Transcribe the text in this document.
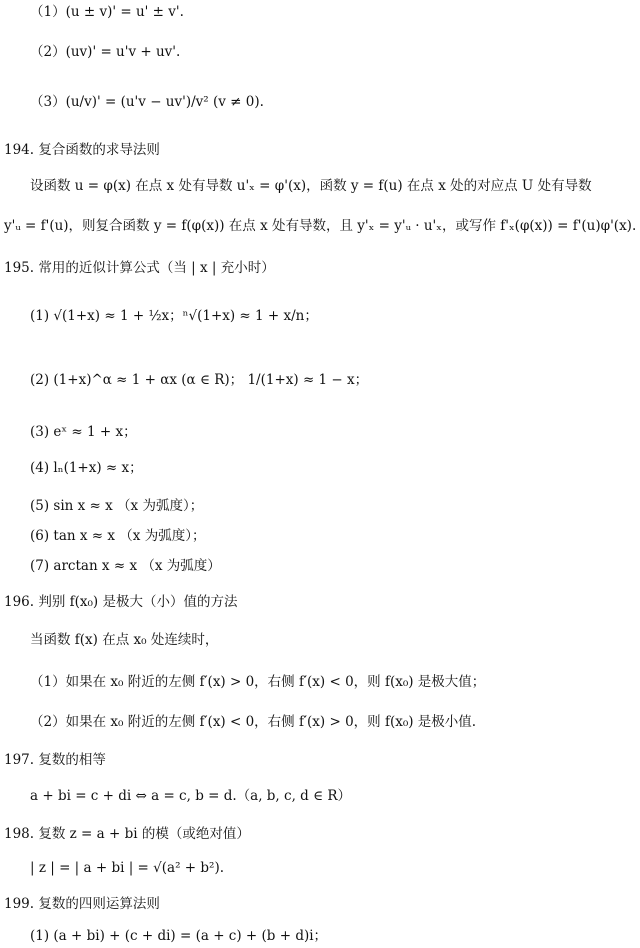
（1）(u ± v)' = u' ± v'.
（2）(uv)' = u'v + uv'.
（3）(u/v)' = (u'v − uv')/v² (v ≠ 0).
194. 复合函数的求导法则
设函数 u = φ(x) 在点 x 处有导数 u'ₓ = φ'(x)，函数 y = f(u) 在点 x 处的对应点 U 处有导数
y'ᵤ = f'(u)，则复合函数 y = f(φ(x)) 在点 x 处有导数，且 y'ₓ = y'ᵤ · u'ₓ，或写作 f'ₓ(φ(x)) = f'(u)φ'(x).
195. 常用的近似计算公式（当 | x | 充小时）
(1) √(1+x) ≈ 1 + ½x；ⁿ√(1+x) ≈ 1 + x/n；
(2) (1+x)^α ≈ 1 + αx (α ∈ R)； 1/(1+x) ≈ 1 − x；
(3) eˣ ≈ 1 + x；
(4) lₙ(1+x) ≈ x；
(5) sin x ≈ x （x 为弧度）；
(6) tan x ≈ x （x 为弧度）；
(7) arctan x ≈ x （x 为弧度）
196. 判别 f(x₀) 是极大（小）值的方法
当函数 f(x) 在点 x₀ 处连续时，
（1）如果在 x₀ 附近的左侧 f′(x) > 0，右侧 f′(x) < 0，则 f(x₀) 是极大值；
（2）如果在 x₀ 附近的左侧 f′(x) < 0，右侧 f′(x) > 0，则 f(x₀) 是极小值.
197. 复数的相等
a + bi = c + di ⇔ a = c, b = d.（a, b, c, d ∈ R）
198. 复数 z = a + bi 的模（或绝对值）
| z | = | a + bi | = √(a² + b²).
199. 复数的四则运算法则
(1) (a + bi) + (c + di) = (a + c) + (b + d)i；
